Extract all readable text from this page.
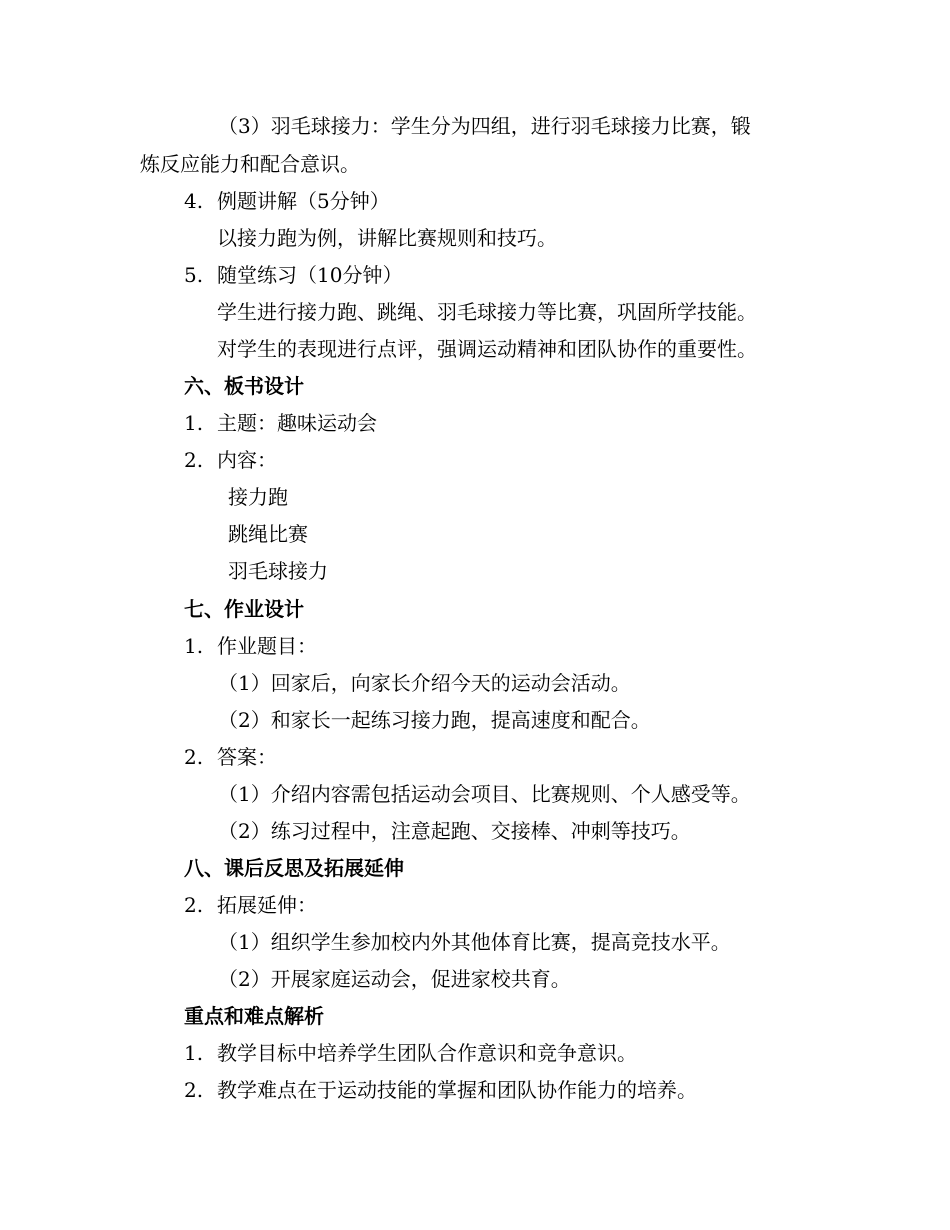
（3）羽毛球接力：学生分为四组，进行羽毛球接力比赛，锻
炼反应能力和配合意识。
4. 例题讲解（5分钟）
以接力跑为例，讲解比赛规则和技巧。
5. 随堂练习（10分钟）
学生进行接力跑、跳绳、羽毛球接力等比赛，巩固所学技能。
对学生的表现进行点评，强调运动精神和团队协作的重要性。
六、板书设计
1. 主题：趣味运动会
2. 内容：
接力跑
跳绳比赛
羽毛球接力
七、作业设计
1. 作业题目：
（1）回家后，向家长介绍今天的运动会活动。
（2）和家长一起练习接力跑，提高速度和配合。
2. 答案：
（1）介绍内容需包括运动会项目、比赛规则、个人感受等。
（2）练习过程中，注意起跑、交接棒、冲刺等技巧。
八、课后反思及拓展延伸
2. 拓展延伸：
（1）组织学生参加校内外其他体育比赛，提高竞技水平。
（2）开展家庭运动会，促进家校共育。
重点和难点解析
1. 教学目标中培养学生团队合作意识和竞争意识。
2. 教学难点在于运动技能的掌握和团队协作能力的培养。
